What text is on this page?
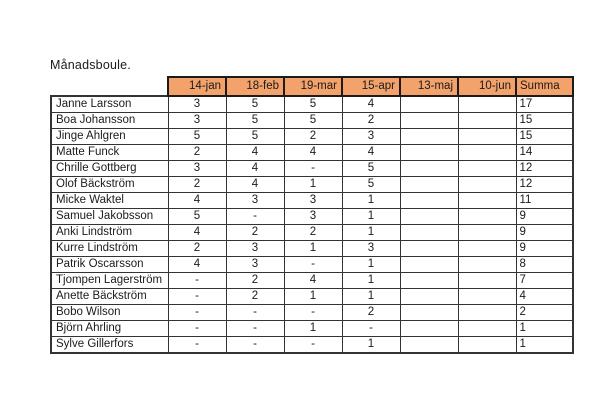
Månadsboule.
	14-jan	18-feb	19-mar	15-apr	13-maj	10-jun	Summa
Janne Larsson	3	5	5	4			17
Boa Johansson	3	5	5	2			15
Jinge Ahlgren	5	5	2	3			15
Matte Funck	2	4	4	4			14
Chrille Gottberg	3	4	-	5			12
Olof Bäckström	2	4	1	5			12
Micke Waktel	4	3	3	1			11
Samuel Jakobsson	5	-	3	1			9
Anki Lindström	4	2	2	1			9
Kurre Lindström	2	3	1	3			9
Patrik Oscarsson	4	3	-	1			8
Tjompen Lagerström	-	2	4	1			7
Anette Bäckström	-	2	1	1			4
Bobo Wilson	-	-	-	2			2
Björn Ahrling	-	-	1	-			1
Sylve Gillerfors	-	-	-	1			1
